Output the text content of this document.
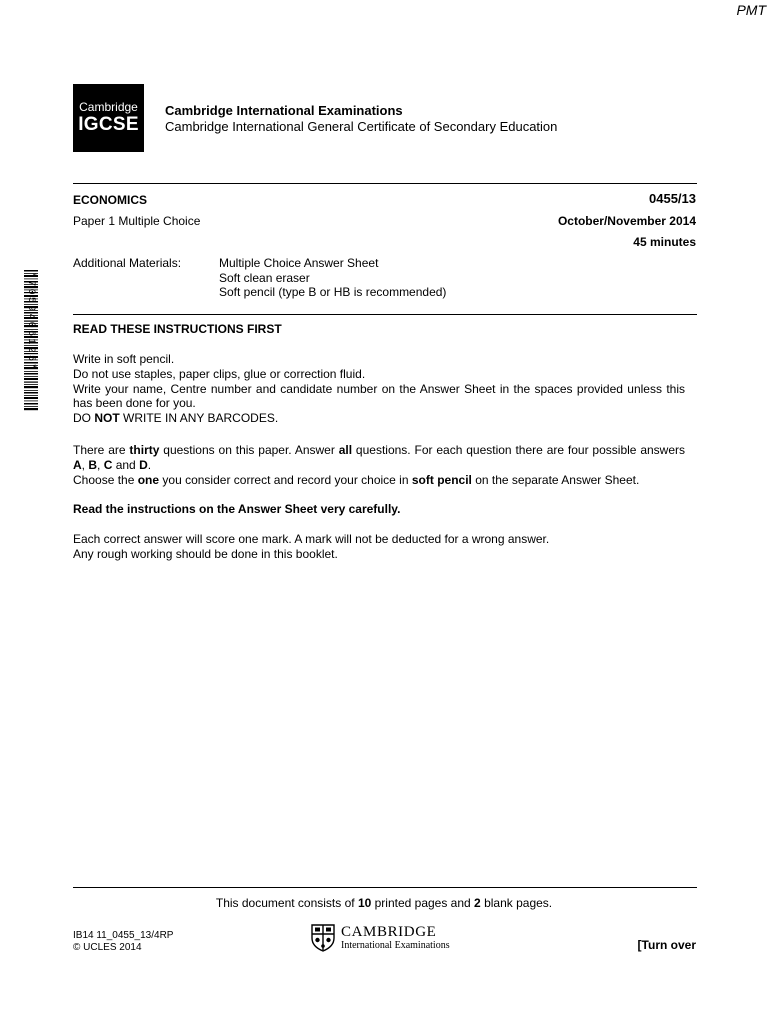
PMT
Cambridge
IGCSE
Cambridge International Examinations
Cambridge International General Certificate of Secondary Education
ECONOMICS	0455/13
Paper 1 Multiple Choice	October/November 2014
45 minutes
Additional Materials:	Multiple Choice Answer Sheet
Soft clean eraser
Soft pencil (type B or HB is recommended)
*7059406125*	READ THESE INSTRUCTIONS FIRST
Write in soft pencil.
Do not use staples, paper clips, glue or correction fluid.
Write your name, Centre number and candidate number on the Answer Sheet in the spaces provided unless this has been done for you.
DO NOT WRITE IN ANY BARCODES.
There are thirty questions on this paper. Answer all questions. For each question there are four possible answers A, B, C and D.
Choose the one you consider correct and record your choice in soft pencil on the separate Answer Sheet.
Read the instructions on the Answer Sheet very carefully.
Each correct answer will score one mark. A mark will not be deducted for a wrong answer.
Any rough working should be done in this booklet.
This document consists of 10 printed pages and 2 blank pages.
IB14 11_0455_13/4RP
© UCLES 2014
CAMBRIDGE
International Examinations	[Turn over
